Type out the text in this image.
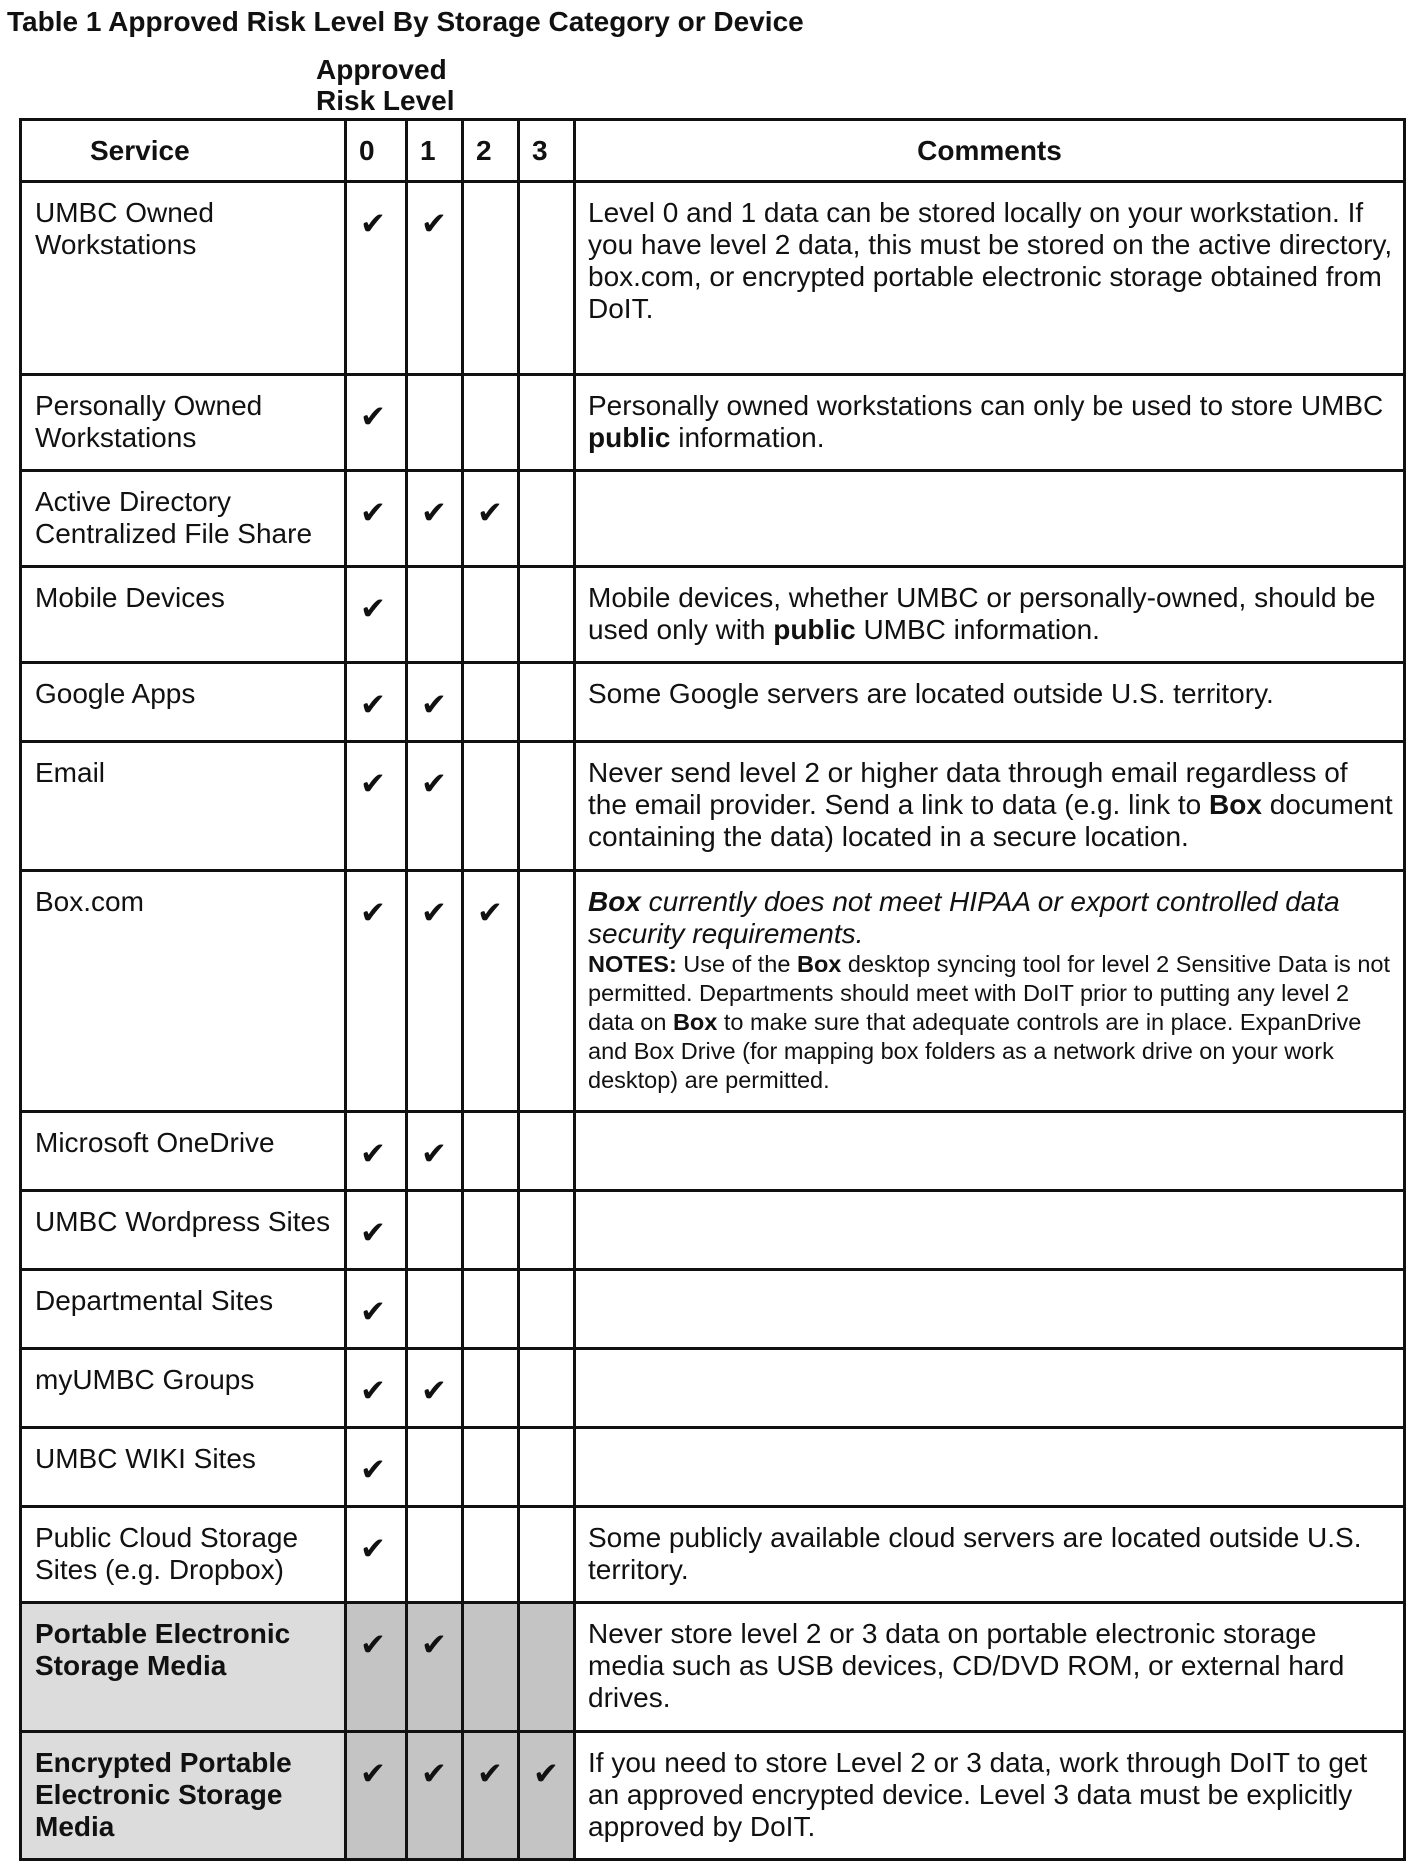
Table 1 Approved Risk Level By Storage Category or Device
Approved
Risk Level
Service	0	1	2	3	Comments
UMBC Owned Workstations	✔	✔			Level 0 and 1 data can be stored locally on your workstation. If you have level 2 data, this must be stored on the active directory, box.com, or encrypted portable electronic storage obtained from DoIT.
Personally Owned Workstations	✔				Personally owned workstations can only be used to store UMBC public information.
Active Directory Centralized File Share	✔	✔	✔		
Mobile Devices	✔				Mobile devices, whether UMBC or personally-owned, should be used only with public UMBC information.
Google Apps	✔	✔			Some Google servers are located outside U.S. territory.
Email	✔	✔			Never send level 2 or higher data through email regardless of the email provider. Send a link to data (e.g. link to Box document containing the data) located in a secure location.
Box.com	✔	✔	✔		Box currently does not meet HIPAA or export controlled data security requirements.

NOTES: Use of the Box desktop syncing tool for level 2 Sensitive Data is not permitted. Departments should meet with DoIT prior to putting any level 2 data on Box to make sure that adequate controls are in place. ExpanDrive and Box Drive (for mapping box folders as a network drive on your work desktop) are permitted.

Microsoft OneDrive	✔	✔			
UMBC Wordpress Sites	✔				
Departmental Sites	✔				
myUMBC Groups	✔	✔			
UMBC WIKI Sites	✔				
Public Cloud Storage Sites (e.g. Dropbox)	✔				Some publicly available cloud servers are located outside U.S. territory.
Portable Electronic Storage Media	✔	✔			Never store level 2 or 3 data on portable electronic storage media such as USB devices, CD/DVD ROM, or external hard drives.
Encrypted Portable Electronic Storage Media	✔	✔	✔	✔	If you need to store Level 2 or 3 data, work through DoIT to get an approved encrypted device. Level 3 data must be explicitly approved by DoIT.
